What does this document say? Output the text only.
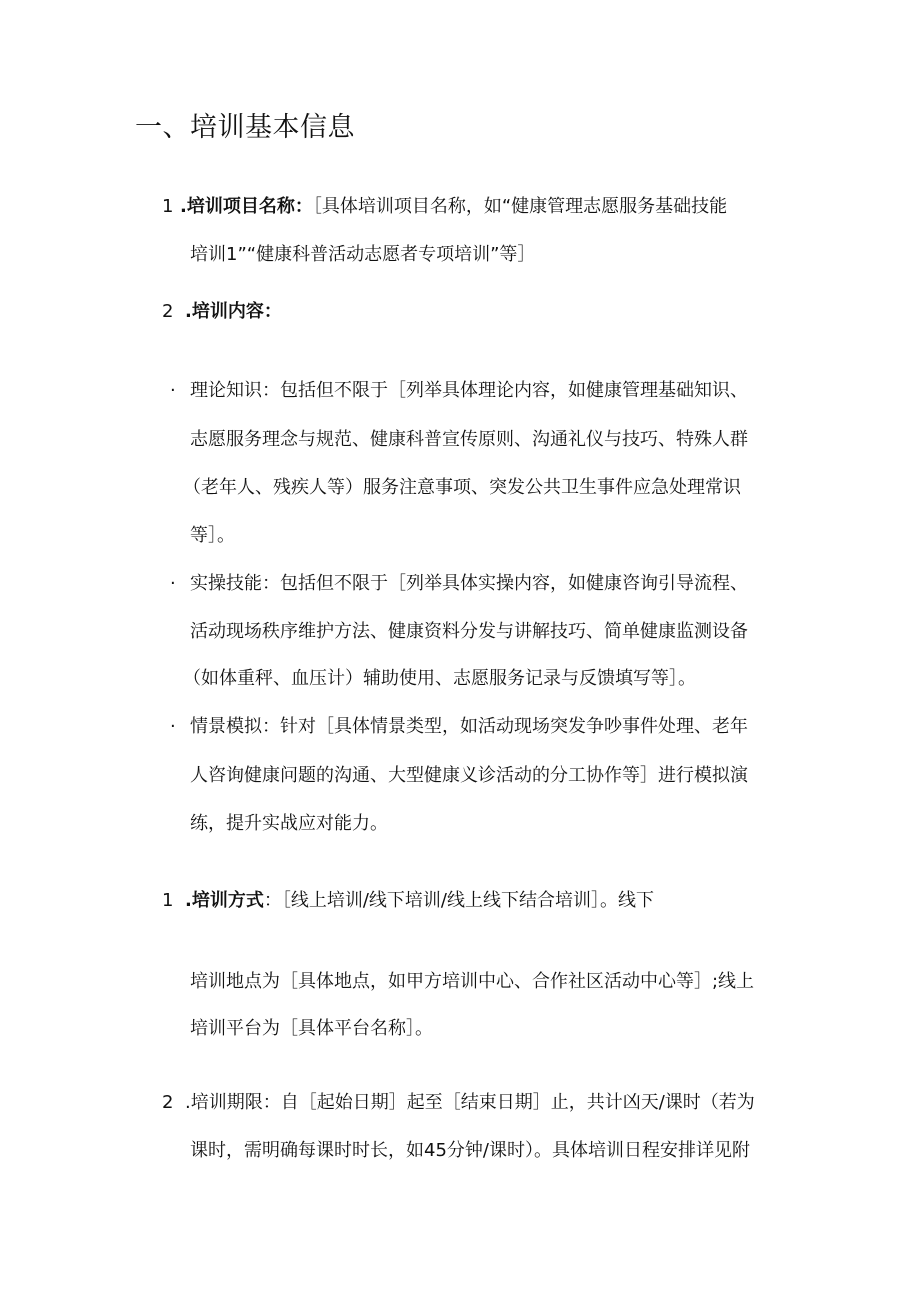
一、培训基本信息
1 .培训项目名称：［具体培训项目名称，如“健康管理志愿服务基础技能
培训1”“健康科普活动志愿者专项培训”等］
2 .培训内容：
· 理论知识：包括但不限于［列举具体理论内容，如健康管理基础知识、
志愿服务理念与规范、健康科普宣传原则、沟通礼仪与技巧、特殊人群
（老年人、残疾人等）服务注意事项、突发公共卫生事件应急处理常识
等］。
· 实操技能：包括但不限于［列举具体实操内容，如健康咨询引导流程、
活动现场秩序维护方法、健康资料分发与讲解技巧、简单健康监测设备
（如体重秤、血压计）辅助使用、志愿服务记录与反馈填写等］。
· 情景模拟：针对［具体情景类型，如活动现场突发争吵事件处理、老年
人咨询健康问题的沟通、大型健康义诊活动的分工协作等］进行模拟演
练，提升实战应对能力。
1 .培训方式：［线上培训/线下培训/线上线下结合培训］。线下
培训地点为［具体地点，如甲方培训中心、合作社区活动中心等］;线上
培训平台为［具体平台名称］。
2 .培训期限：自［起始日期］起至［结束日期］止，共计凶天/课时（若为
课时，需明确每课时时长，如45分钟/课时）。具体培训日程安排详见附
